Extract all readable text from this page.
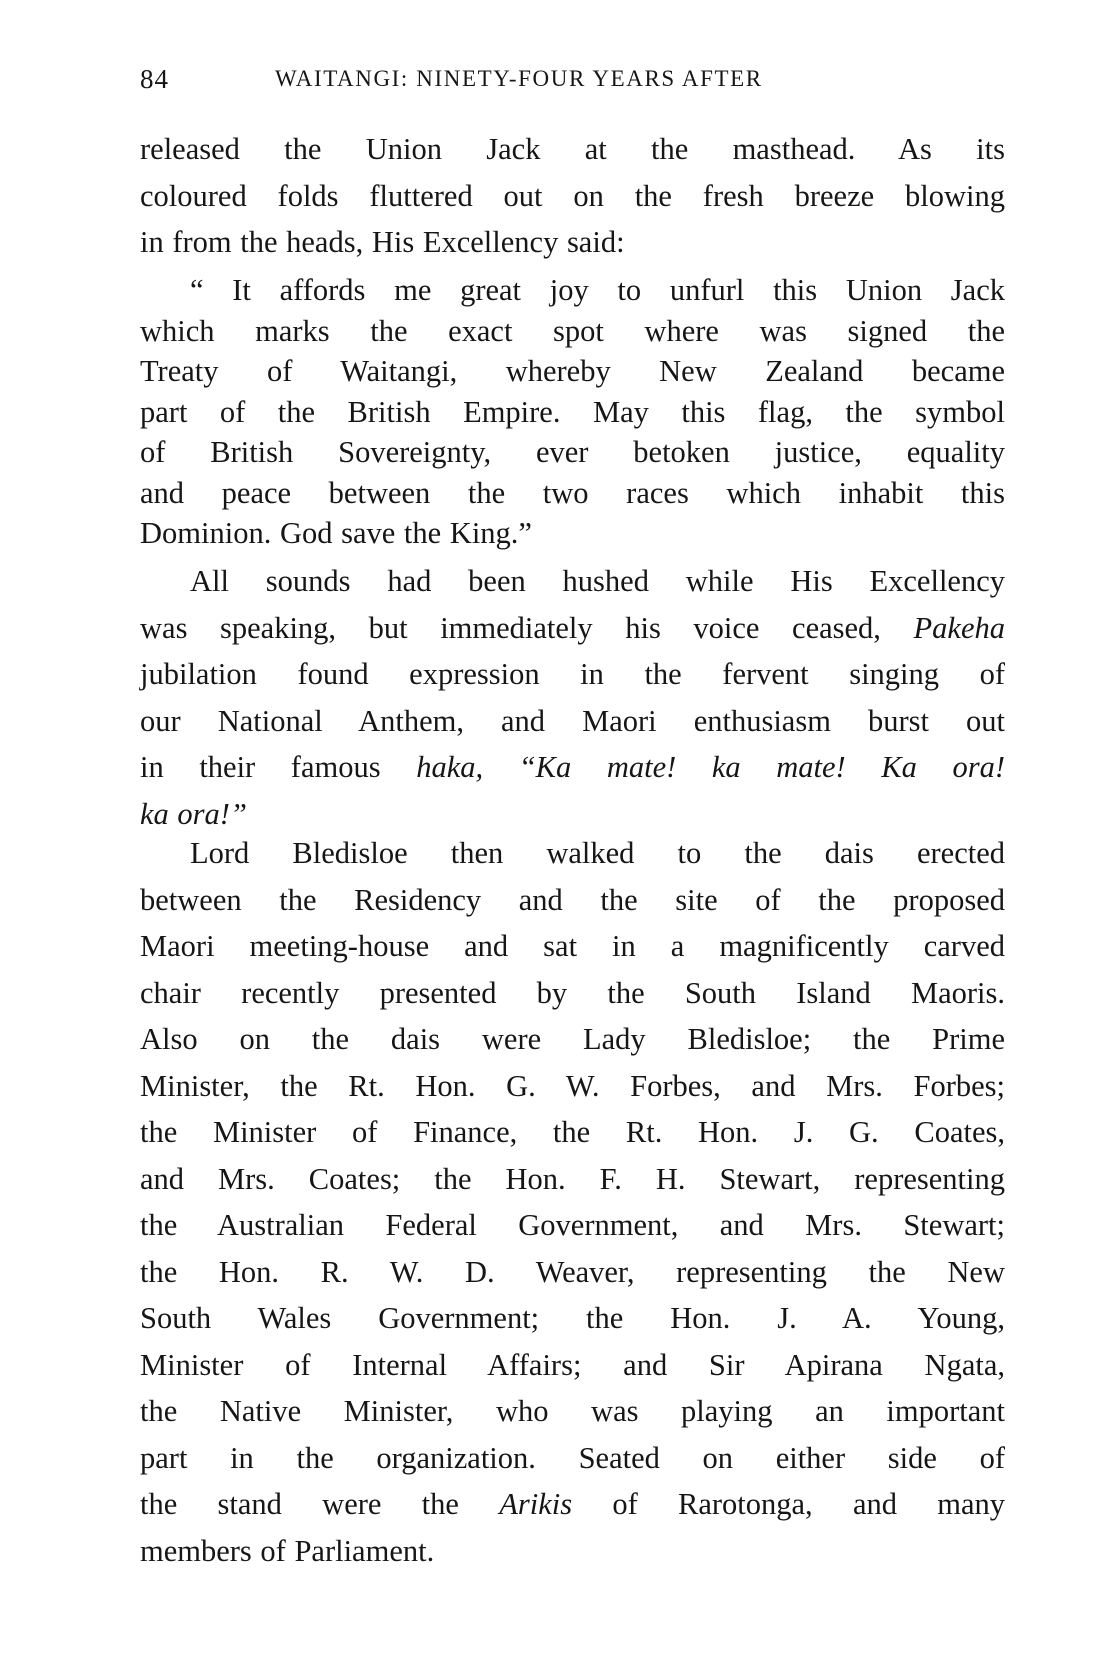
84	WAITANGI: NINETY-FOUR YEARS AFTER
released the Union Jack at the masthead. As its
coloured folds fluttered out on the fresh breeze blowing
in from the heads, His Excellency said:
“ It affords me great joy to unfurl this Union Jack
which marks the exact spot where was signed the
Treaty of Waitangi, whereby New Zealand became
part of the British Empire. May this flag, the symbol
of British Sovereignty, ever betoken justice, equality
and peace between the two races which inhabit this
Dominion. God save the King.”
All sounds had been hushed while His Excellency
was speaking, but immediately his voice ceased, Pakeha
jubilation found expression in the fervent singing of
our National Anthem, and Maori enthusiasm burst out
in their famous haka, “Ka mate! ka mate! Ka ora!
ka ora!”
Lord Bledisloe then walked to the dais erected
between the Residency and the site of the proposed
Maori meeting-house and sat in a magnificently carved
chair recently presented by the South Island Maoris.
Also on the dais were Lady Bledisloe; the Prime
Minister, the Rt. Hon. G. W. Forbes, and Mrs. Forbes;
the Minister of Finance, the Rt. Hon. J. G. Coates,
and Mrs. Coates; the Hon. F. H. Stewart, representing
the Australian Federal Government, and Mrs. Stewart;
the Hon. R. W. D. Weaver, representing the New
South Wales Government; the Hon. J. A. Young,
Minister of Internal Affairs; and Sir Apirana Ngata,
the Native Minister, who was playing an important
part in the organization. Seated on either side of
the stand were the Arikis of Rarotonga, and many
members of Parliament.
